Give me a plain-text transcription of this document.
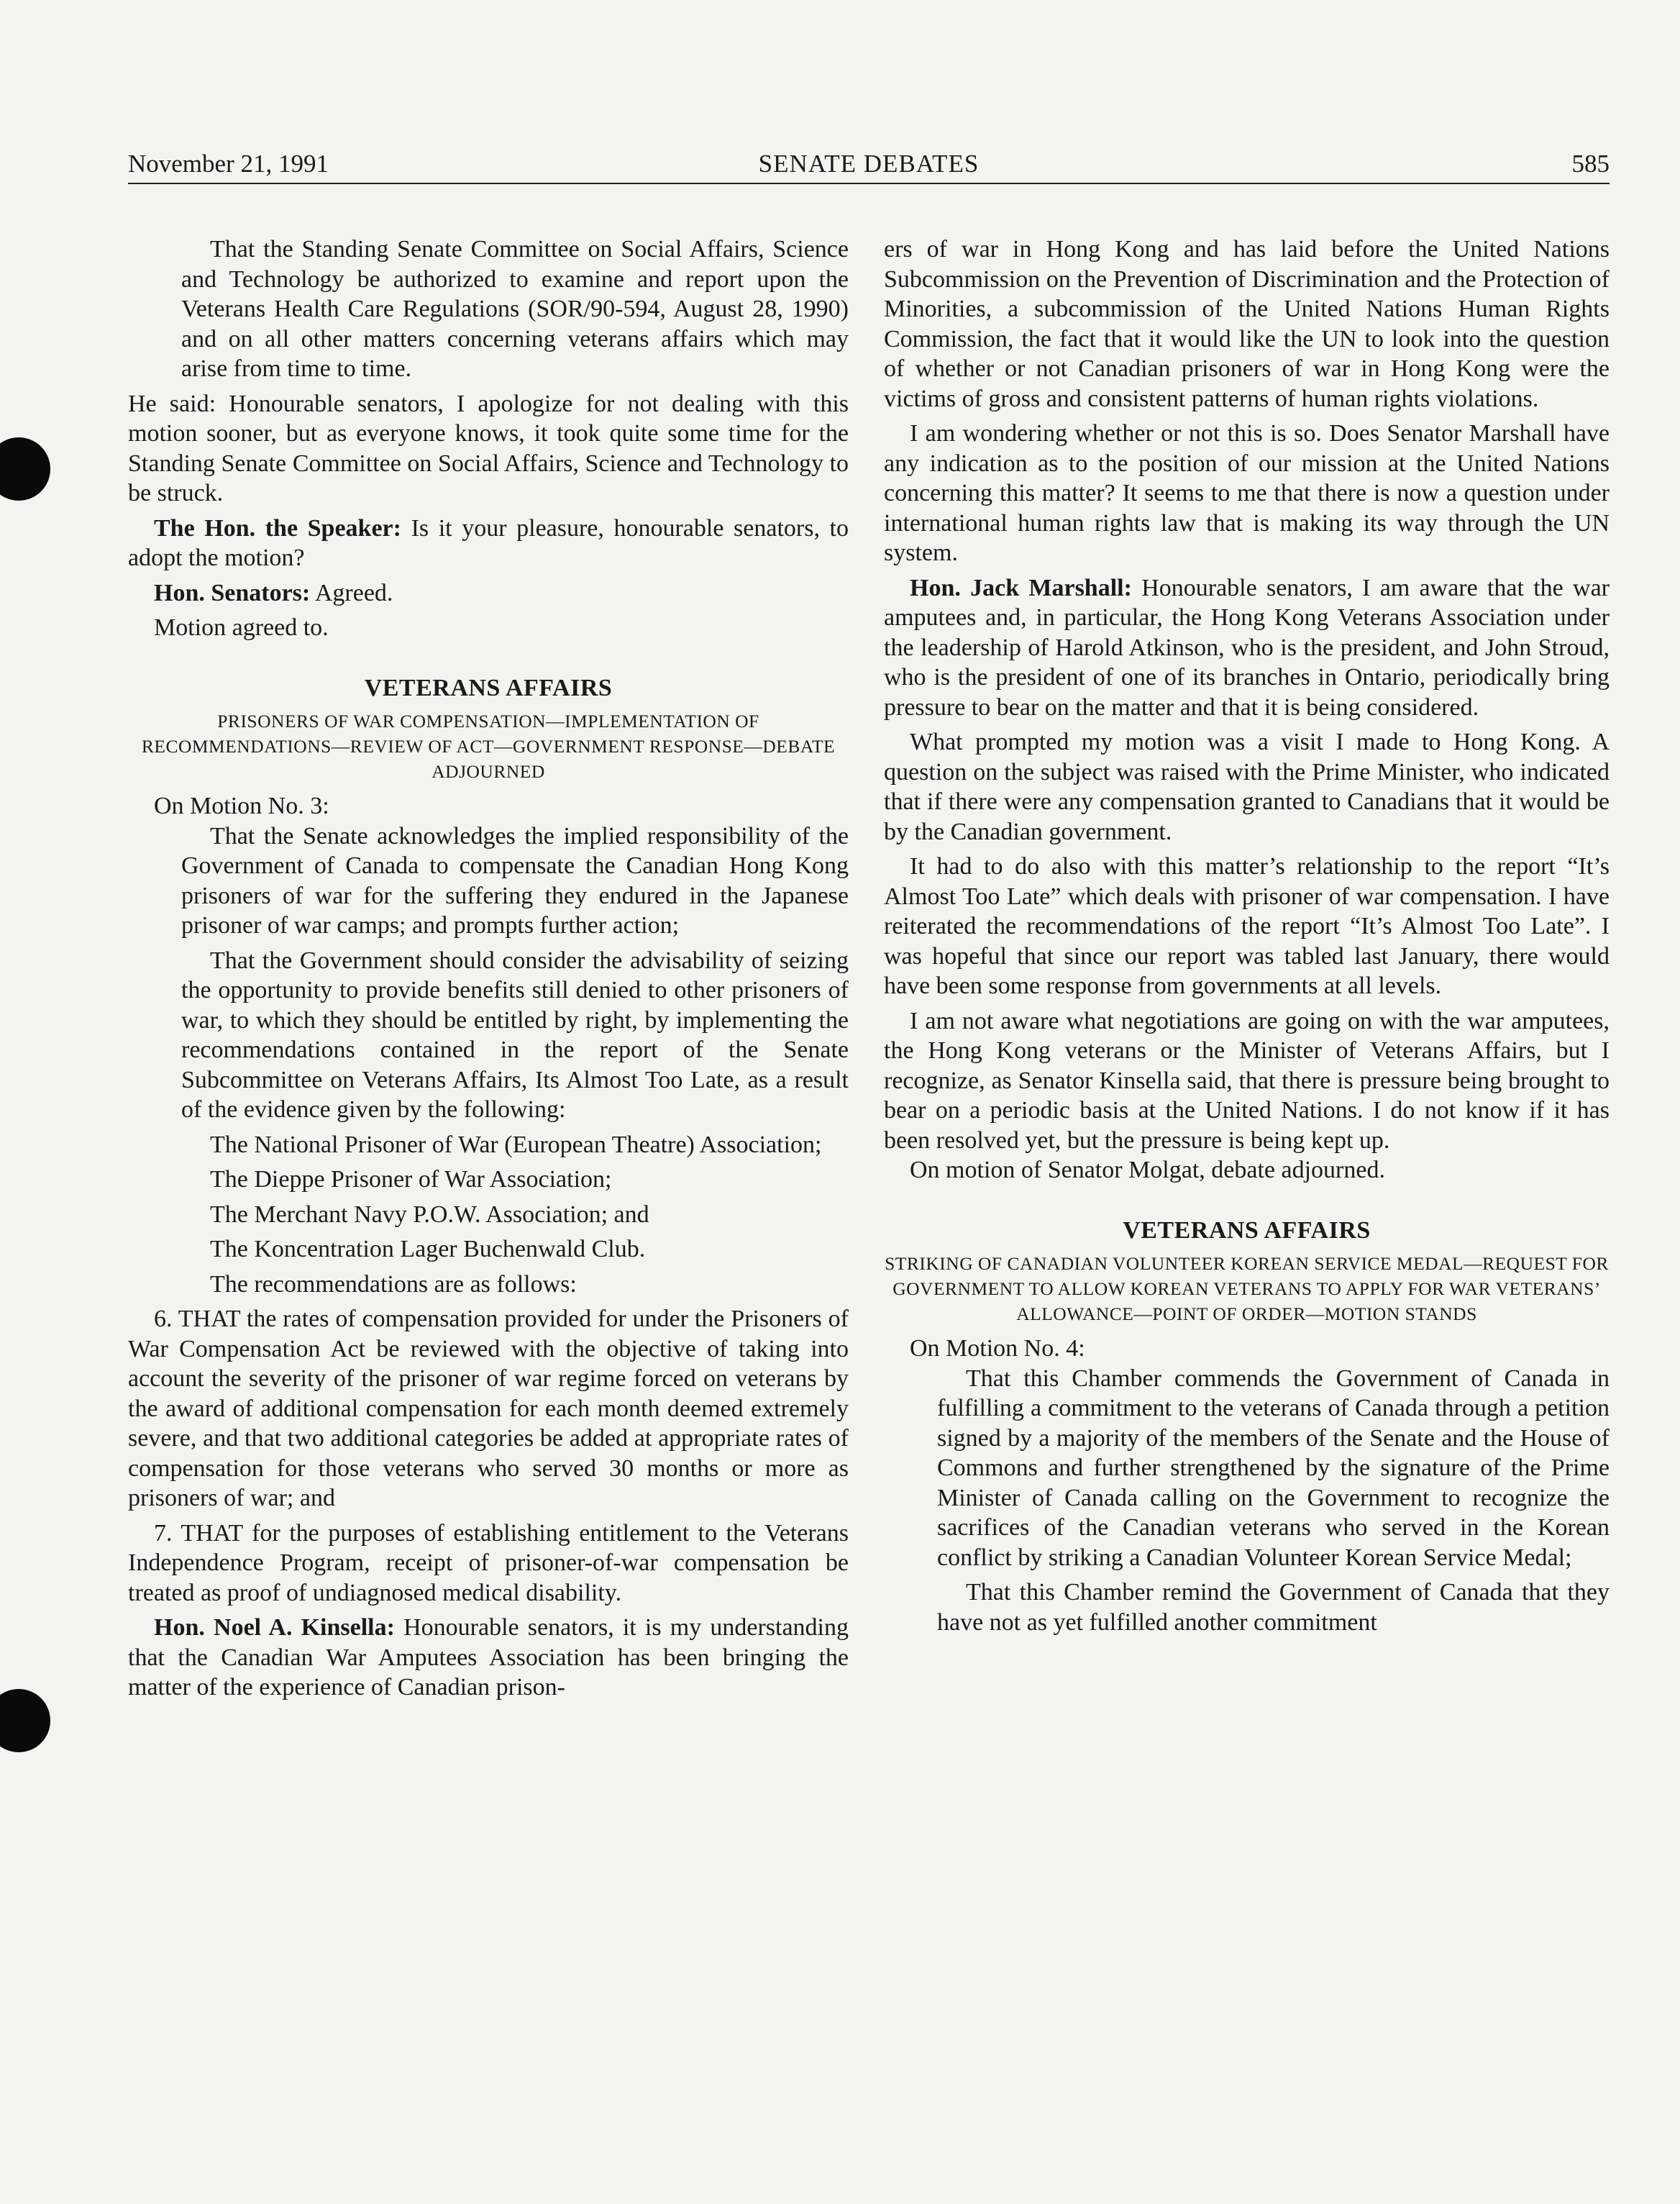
November 21, 1991	SENATE DEBATES	585

That the Standing Senate Committee on Social Affairs, Science and Technology be authorized to examine and report upon the Veterans Health Care Regulations (SOR/90-594, August 28, 1990) and on all other matters concerning veterans affairs which may arise from time to time.

He said: Honourable senators, I apologize for not dealing with this motion sooner, but as everyone knows, it took quite some time for the Standing Senate Committee on Social Affairs, Science and Technology to be struck.

The Hon. the Speaker: Is it your pleasure, honourable senators, to adopt the motion?

Hon. Senators: Agreed.

Motion agreed to.

VETERANS AFFAIRS
PRISONERS OF WAR COMPENSATION—IMPLEMENTATION OF RECOMMENDATIONS—REVIEW OF ACT—GOVERNMENT RESPONSE—DEBATE ADJOURNED

On Motion No. 3:

That the Senate acknowledges the implied responsibility of the Government of Canada to compensate the Canadian Hong Kong prisoners of war for the suffering they endured in the Japanese prisoner of war camps; and prompts further action;

That the Government should consider the advisability of seizing the opportunity to provide benefits still denied to other prisoners of war, to which they should be entitled by right, by implementing the recommendations contained in the report of the Senate Subcommittee on Veterans Affairs, Its Almost Too Late, as a result of the evidence given by the following:

The National Prisoner of War (European Theatre) Association;

The Dieppe Prisoner of War Association;

The Merchant Navy P.O.W. Association; and

The Koncentration Lager Buchenwald Club.

The recommendations are as follows:

6. THAT the rates of compensation provided for under the Prisoners of War Compensation Act be reviewed with the objective of taking into account the severity of the prisoner of war regime forced on veterans by the award of additional compensation for each month deemed extremely severe, and that two additional categories be added at appropriate rates of compensation for those veterans who served 30 months or more as prisoners of war; and

7. THAT for the purposes of establishing entitlement to the Veterans Independence Program, receipt of prisoner-of-war compensation be treated as proof of undiagnosed medical disability.

Hon. Noel A. Kinsella: Honourable senators, it is my understanding that the Canadian War Amputees Association has been bringing the matter of the experience of Canadian prison-

ers of war in Hong Kong and has laid before the United Nations Subcommission on the Prevention of Discrimination and the Protection of Minorities, a subcommission of the United Nations Human Rights Commission, the fact that it would like the UN to look into the question of whether or not Canadian prisoners of war in Hong Kong were the victims of gross and consistent patterns of human rights violations.

I am wondering whether or not this is so. Does Senator Marshall have any indication as to the position of our mission at the United Nations concerning this matter? It seems to me that there is now a question under international human rights law that is making its way through the UN system.

Hon. Jack Marshall: Honourable senators, I am aware that the war amputees and, in particular, the Hong Kong Veterans Association under the leadership of Harold Atkinson, who is the president, and John Stroud, who is the president of one of its branches in Ontario, periodically bring pressure to bear on the matter and that it is being considered.

What prompted my motion was a visit I made to Hong Kong. A question on the subject was raised with the Prime Minister, who indicated that if there were any compensation granted to Canadians that it would be by the Canadian government.

It had to do also with this matter’s relationship to the report “It’s Almost Too Late” which deals with prisoner of war compensation. I have reiterated the recommendations of the report “It’s Almost Too Late”. I was hopeful that since our report was tabled last January, there would have been some response from governments at all levels.

I am not aware what negotiations are going on with the war amputees, the Hong Kong veterans or the Minister of Veterans Affairs, but I recognize, as Senator Kinsella said, that there is pressure being brought to bear on a periodic basis at the United Nations. I do not know if it has been resolved yet, but the pressure is being kept up.

On motion of Senator Molgat, debate adjourned.

VETERANS AFFAIRS
STRIKING OF CANADIAN VOLUNTEER KOREAN SERVICE MEDAL—REQUEST FOR GOVERNMENT TO ALLOW KOREAN VETERANS TO APPLY FOR WAR VETERANS’ ALLOWANCE—POINT OF ORDER—MOTION STANDS

On Motion No. 4:

That this Chamber commends the Government of Canada in fulfilling a commitment to the veterans of Canada through a petition signed by a majority of the members of the Senate and the House of Commons and further strengthened by the signature of the Prime Minister of Canada calling on the Government to recognize the sacrifices of the Canadian veterans who served in the Korean conflict by striking a Canadian Volunteer Korean Service Medal;

That this Chamber remind the Government of Canada that they have not as yet fulfilled another commitment
